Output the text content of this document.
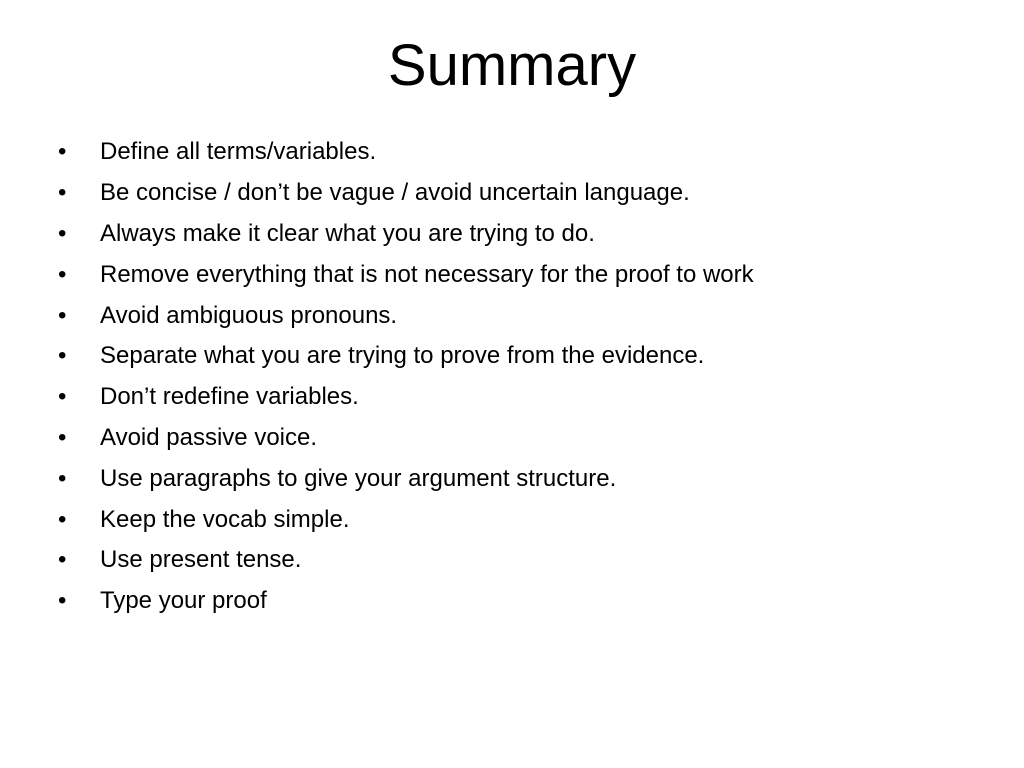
Summary
•	Define all terms/variables.
•	Be concise / don’t be vague / avoid uncertain language.
•	Always make it clear what you are trying to do.
•	Remove everything that is not necessary for the proof to work
•	Avoid ambiguous pronouns.
•	Separate what you are trying to prove from the evidence.
•	Don’t redefine variables.
•	Avoid passive voice.
•	Use paragraphs to give your argument structure.
•	Keep the vocab simple.
•	Use present tense.
•	Type your proof
